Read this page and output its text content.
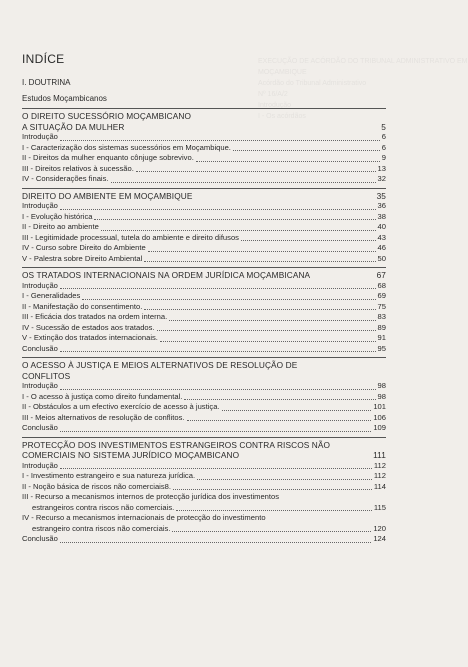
EXECUÇÃO DE ACÓRDÃO DO TRIBUNAL ADMINISTRATIVO EM
MOÇAMBIQUE
Acórdão do Tribunal Administrativo
Nº 16/A/2
Introdução
I - Os acórdãos
INDÍCE
I. DOUTRINA
Estudos Moçambicanos
O DIREITO SUCESSÓRIO MOÇAMBICANO
A SITUAÇÃO DA MULHER	5
Introdução	6
I - Caracterização dos sistemas sucessórios em Moçambique.	6
II - Direitos da mulher enquanto cônjuge sobrevivo.	9
III - Direitos relativos à sucessão.	13
IV - Considerações finais.	32
DIREITO DO AMBIENTE EM MOÇAMBIQUE	35
Introdução	36
I - Evolução histórica	38
II - Direito ao ambiente	40
III - Legitimidade processual, tutela do ambiente e direito difusos	43
IV - Curso sobre Direito do Ambiente	46
V - Palestra sobre Direito Ambiental	50
OS TRATADOS INTERNACIONAIS NA ORDEM JURÍDICA MOÇAMBICANA	67
Introdução	68
I - Generalidades	69
II - Manifestação do consentimento.	75
III - Eficácia dos tratados na ordem interna.	83
IV - Sucessão de estados aos tratados.	89
V - Extinção dos tratados internacionais.	91
Conclusão	95
O ACESSO À JUSTIÇA E MEIOS ALTERNATIVOS DE RESOLUÇÃO DE
CONFLITOS
Introdução	98
I - O acesso à justiça como direito fundamental.	98
II - Obstáculos a um efectivo exercício de acesso à justiça.	101
III - Meios alternativos de resolução de conflitos.	106
Conclusão	109
PROTECÇÃO DOS INVESTIMENTOS ESTRANGEIROS CONTRA RISCOS NÃO
COMERCIAIS NO SISTEMA JURÍDICO MOÇAMBICANO	111
Introdução	112
I - Investimento estrangeiro e sua natureza jurídica.	112
II - Noção básica de riscos não comerciais8.	114
III - Recurso a mecanismos internos de protecção jurídica dos investimentos
estrangeiros contra riscos não comerciais.	115
IV - Recurso a mecanismos internacionais de protecção do investimento
estrangeiro contra riscos não comerciais.	120
Conclusão	124
